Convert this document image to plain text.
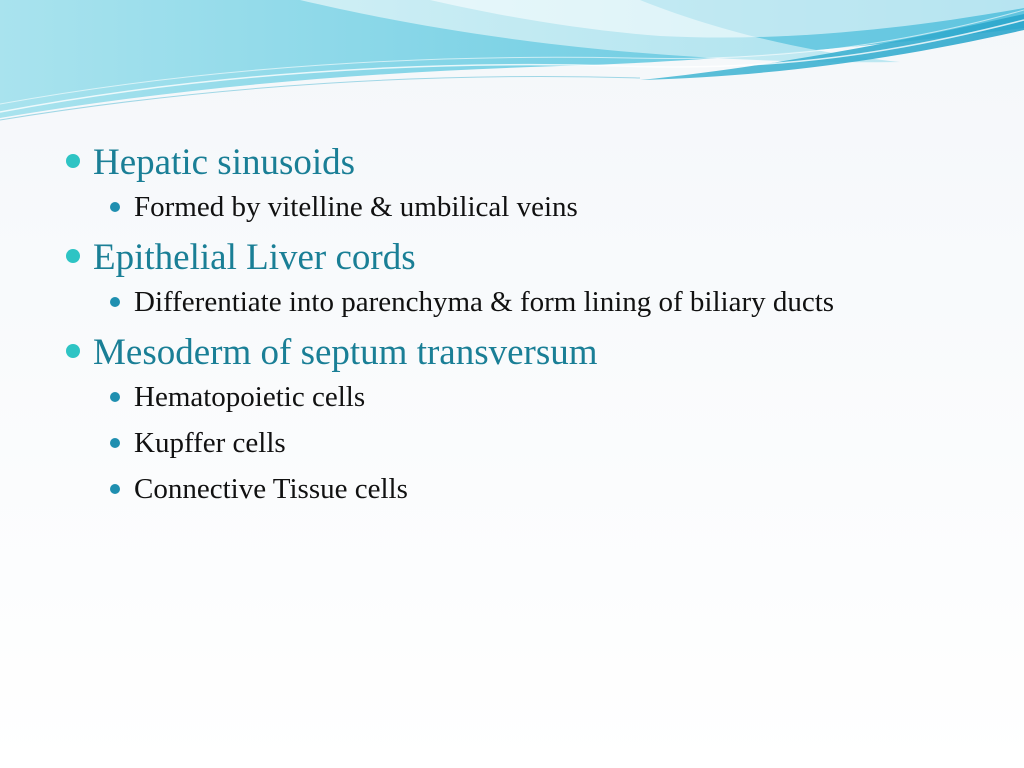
Hepatic sinusoids
Formed by vitelline & umbilical veins
Epithelial Liver cords
Differentiate into parenchyma & form lining of biliary ducts
Mesoderm of septum transversum
Hematopoietic cells
Kupffer cells
Connective Tissue cells
